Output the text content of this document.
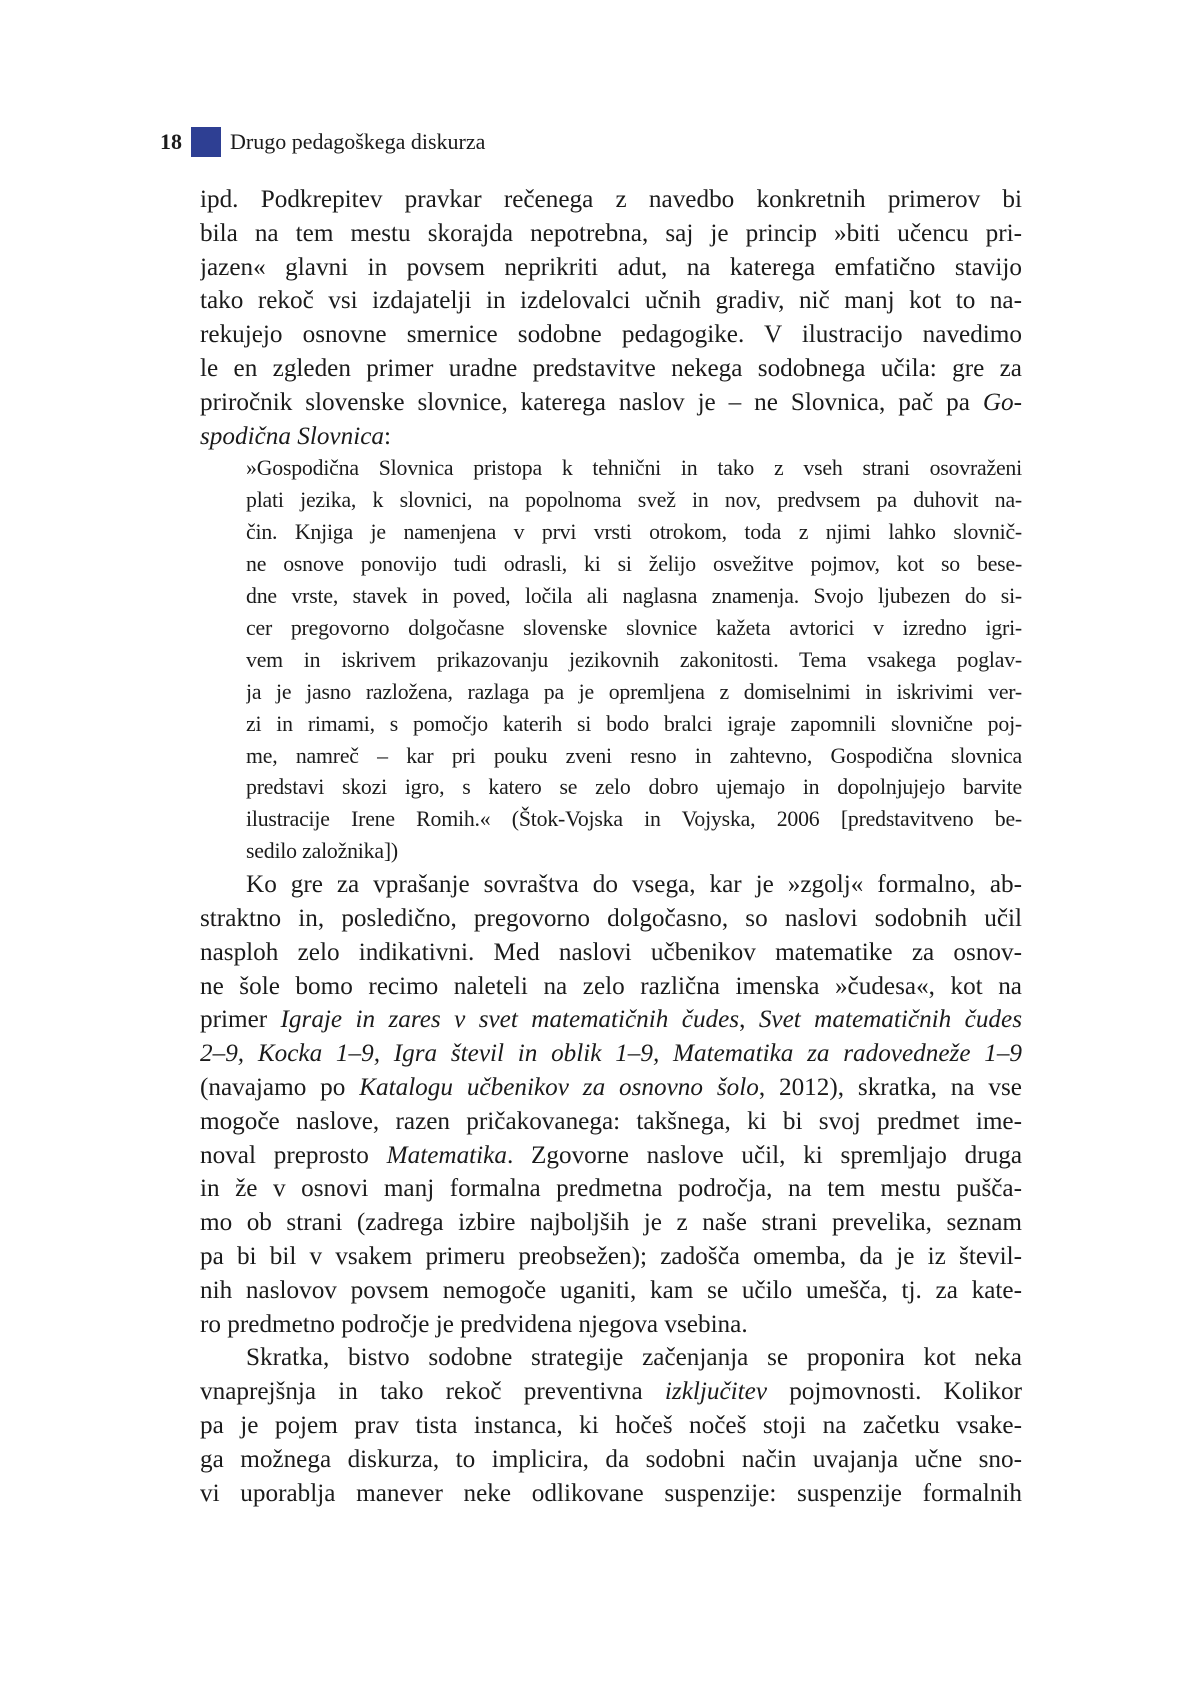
18 Drugo pedagoškega diskurza

ipd. Podkrepitev pravkar rečenega z navedbo konkretnih primerov bi
bila na tem mestu skorajda nepotrebna, saj je princip »biti učencu pri-
jazen« glavni in povsem neprikriti adut, na katerega emfatično stavijo
tako rekoč vsi izdajatelji in izdelovalci učnih gradiv, nič manj kot to na-
rekujejo osnovne smernice sodobne pedagogike. V ilustracijo navedimo
le en zgleden primer uradne predstavitve nekega sodobnega učila: gre za
priročnik slovenske slovnice, katerega naslov je – ne Slovnica, pač pa Go-
spodična Slovnica:

»Gospodična Slovnica pristopa k tehnični in tako z vseh strani osovraženi
plati jezika, k slovnici, na popolnoma svež in nov, predvsem pa duhovit na-
čin. Knjiga je namenjena v prvi vrsti otrokom, toda z njimi lahko slovnič-
ne osnove ponovijo tudi odrasli, ki si želijo osvežitve pojmov, kot so bese-
dne vrste, stavek in poved, ločila ali naglasna znamenja. Svojo ljubezen do si-
cer pregovorno dolgočasne slovenske slovnice kažeta avtorici v izredno igri-
vem in iskrivem prikazovanju jezikovnih zakonitosti. Tema vsakega poglav-
ja je jasno razložena, razlaga pa je opremljena z domiselnimi in iskrivimi ver-
zi in rimami, s pomočjo katerih si bodo bralci igraje zapomnili slovnične poj-
me, namreč – kar pri pouku zveni resno in zahtevno, Gospodična slovnica
predstavi skozi igro, s katero se zelo dobro ujemajo in dopolnjujejo barvite
ilustracije Irene Romih.« (Štok-Vojska in Vojyska, 2006 [predstavitveno be-
sedilo založnika])

Ko gre za vprašanje sovraštva do vsega, kar je »zgolj« formalno, ab-
straktno in, posledično, pregovorno dolgočasno, so naslovi sodobnih učil
nasploh zelo indikativni. Med naslovi učbenikov matematike za osnov-
ne šole bomo recimo naleteli na zelo različna imenska »čudesa«, kot na
primer Igraje in zares v svet matematičnih čudes, Svet matematičnih čudes
2–9, Kocka 1–9, Igra števil in oblik 1–9, Matematika za radovedneže 1–9
(navajamo po Katalogu učbenikov za osnovno šolo, 2012), skratka, na vse
mogoče naslove, razen pričakovanega: takšnega, ki bi svoj predmet ime-
noval preprosto Matematika. Zgovorne naslove učil, ki spremljajo druga
in že v osnovi manj formalna predmetna področja, na tem mestu pušča-
mo ob strani (zadrega izbire najboljših je z naše strani prevelika, seznam
pa bi bil v vsakem primeru preobsežen); zadošča omemba, da je iz števil-
nih naslovov povsem nemogoče uganiti, kam se učilo umešča, tj. za kate-
ro predmetno področje je predvidena njegova vsebina.

Skratka, bistvo sodobne strategije začenjanja se proponira kot neka
vnaprejšnja in tako rekoč preventivna izključitev pojmovnosti. Kolikor
pa je pojem prav tista instanca, ki hočeš nočeš stoji na začetku vsake-
ga možnega diskurza, to implicira, da sodobni način uvajanja učne sno-
vi uporablja manever neke odlikovane suspenzije: suspenzije formalnih
